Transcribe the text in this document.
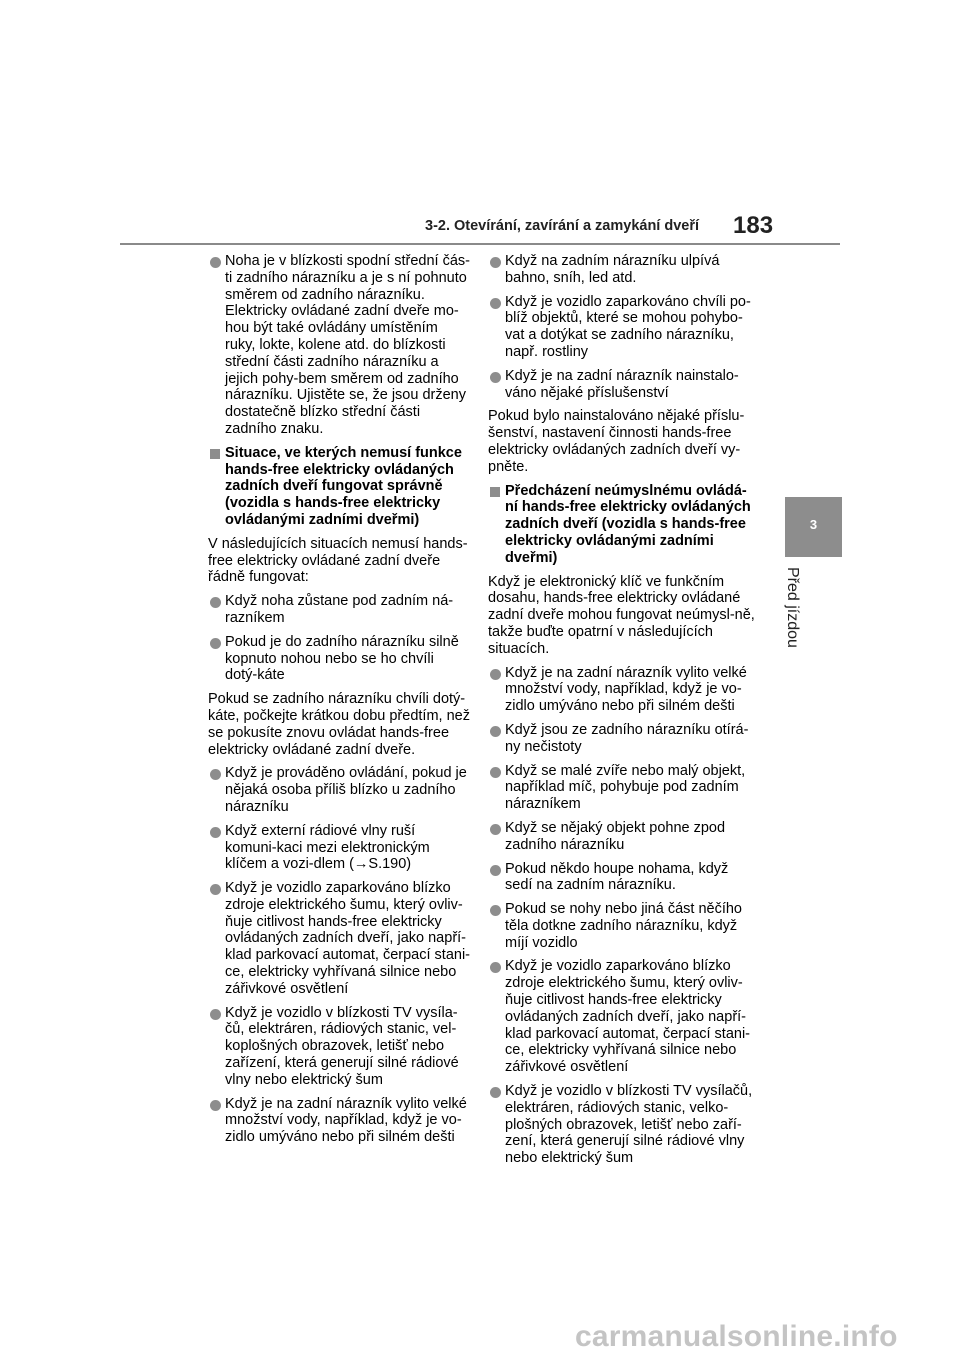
3-2. Otevírání, zavírání a zamykání dveří 183
3
Před jízdou
Noha je v blízkosti spodní střední čás-ti zadního nárazníku a je s ní pohnuto směrem od zadního nárazníku. Elektricky ovládané zadní dveře mo-hou být také ovládány umístěním ruky, lokte, kolene atd. do blízkosti střední části zadního nárazníku a jejich pohy-bem směrem od zadního nárazníku. Ujistěte se, že jsou drženy dostatečně blízko střední části zadního znaku.
Situace, ve kterých nemusí funkce hands-free elektricky ovládaných zadních dveří fungovat správně (vozidla s hands-free elektricky ovládanými zadními dveřmi)
V následujících situacích nemusí hands-free elektricky ovládané zadní dveře řádně fungovat:
Když noha zůstane pod zadním ná-razníkem
Pokud je do zadního nárazníku silně kopnuto nohou nebo se ho chvíli dotý-káte
Pokud se zadního nárazníku chvíli dotý-káte, počkejte krátkou dobu předtím, než se pokusíte znovu ovládat hands-free elektricky ovládané zadní dveře.
Když je prováděno ovládání, pokud je nějaká osoba příliš blízko u zadního nárazníku
Když externí rádiové vlny ruší komuni-kaci mezi elektronickým klíčem a vozi-dlem (→S.190)
Když je vozidlo zaparkováno blízko zdroje elektrického šumu, který ovliv-ňuje citlivost hands-free elektricky ovládaných zadních dveří, jako napří-klad parkovací automat, čerpací stani-ce, elektricky vyhřívaná silnice nebo zářivkové osvětlení
Když je vozidlo v blízkosti TV vysíla-čů, elektráren, rádiových stanic, vel-koplošných obrazovek, letišť nebo zařízení, která generují silné rádiové vlny nebo elektrický šum
Když je na zadní nárazník vylito velké množství vody, například, když je vo-zidlo umýváno nebo při silném dešti
Když na zadním nárazníku ulpívá bahno, sníh, led atd.
Když je vozidlo zaparkováno chvíli po-blíž objektů, které se mohou pohybo-vat a dotýkat se zadního nárazníku, např. rostliny
Když je na zadní nárazník nainstalo-váno nějaké příslušenství
Pokud bylo nainstalováno nějaké příslu-šenství, nastavení činnosti hands-free elektricky ovládaných zadních dveří vy-pněte.
Předcházení neúmyslnému ovládá-ní hands-free elektricky ovládaných zadních dveří (vozidla s hands-free elektricky ovládanými zadními dveřmi)
Když je elektronický klíč ve funkčním dosahu, hands-free elektricky ovládané zadní dveře mohou fungovat neúmysl-ně, takže buďte opatrní v následujících situacích.
Když je na zadní nárazník vylito velké množství vody, například, když je vo-zidlo umýváno nebo při silném dešti
Když jsou ze zadního nárazníku otírá-ny nečistoty
Když se malé zvíře nebo malý objekt, například míč, pohybuje pod zadním nárazníkem
Když se nějaký objekt pohne zpod zadního nárazníku
Pokud někdo houpe nohama, když sedí na zadním nárazníku.
Pokud se nohy nebo jiná část něčího těla dotkne zadního nárazníku, když míjí vozidlo
Když je vozidlo zaparkováno blízko zdroje elektrického šumu, který ovliv-ňuje citlivost hands-free elektricky ovládaných zadních dveří, jako napří-klad parkovací automat, čerpací stani-ce, elektricky vyhřívaná silnice nebo zářivkové osvětlení
Když je vozidlo v blízkosti TV vysílačů, elektráren, rádiových stanic, velko-plošných obrazovek, letišť nebo zaří-zení, která generují silné rádiové vlny nebo elektrický šum
carmanualsonline.info
